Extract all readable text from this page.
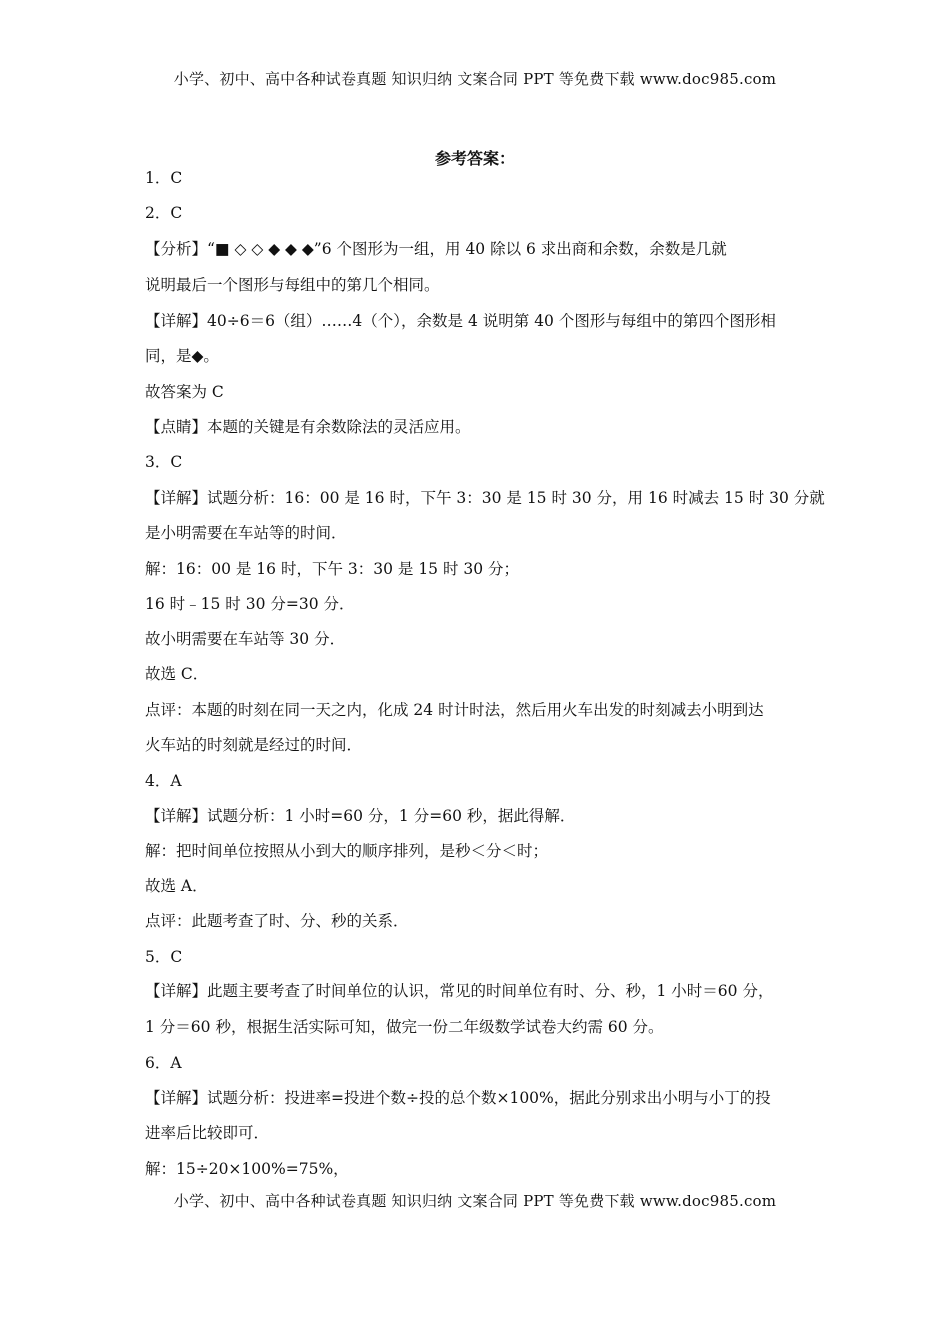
小学、初中、高中各种试卷真题 知识归纳 文案合同 PPT 等免费下载 www.doc985.com
参考答案：
1．C
2．C
【分析】“■ ◇ ◇ ◆ ◆ ◆”6 个图形为一组，用 40 除以 6 求出商和余数，余数是几就
说明最后一个图形与每组中的第几个相同。
【详解】40÷6＝6（组）……4（个），余数是 4 说明第 40 个图形与每组中的第四个图形相
同，是◆。
故答案为 C
【点睛】本题的关键是有余数除法的灵活应用。
3．C
【详解】试题分析：16：00 是 16 时，下午 3：30 是 15 时 30 分，用 16 时减去 15 时 30 分就
是小明需要在车站等的时间．
解：16：00 是 16 时，下午 3：30 是 15 时 30 分；
16 时﹣15 时 30 分=30 分．
故小明需要在车站等 30 分．
故选 C．
点评：本题的时刻在同一天之内，化成 24 时计时法，然后用火车出发的时刻减去小明到达
火车站的时刻就是经过的时间．
4．A
【详解】试题分析：1 小时=60 分，1 分=60 秒，据此得解．
解：把时间单位按照从小到大的顺序排列，是秒＜分＜时；
故选 A．
点评：此题考查了时、分、秒的关系．
5．C
【详解】此题主要考查了时间单位的认识，常见的时间单位有时、分、秒，1 小时＝60 分，
1 分＝60 秒，根据生活实际可知，做完一份二年级数学试卷大约需 60 分。
6．A
【详解】试题分析：投进率=投进个数÷投的总个数×100%，据此分别求出小明与小丁的投
进率后比较即可．
解：15÷20×100%=75%，
小学、初中、高中各种试卷真题 知识归纳 文案合同 PPT 等免费下载 www.doc985.com
